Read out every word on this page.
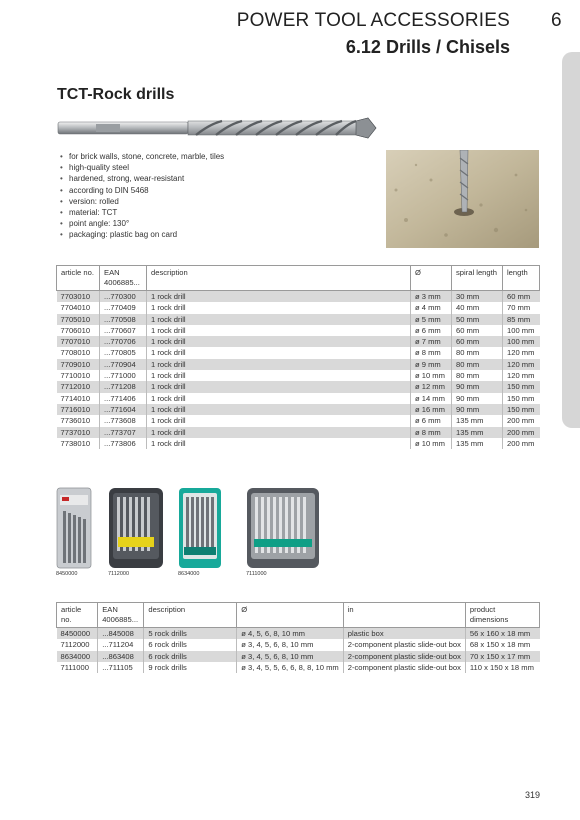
POWER TOOL ACCESSORIES 6
6.12 Drills / Chisels
TCT-Rock drills
• for brick walls, stone, concrete, marble, tiles
• high-quality steel
• hardened, strong, wear-resistant
• according to DIN 5468
• version: rolled
• material: TCT
• point angle: 130°
• packaging: plastic bag on card
article no.	EAN
4006885...	description	Ø	spiral length	length
7703010	...770300	1 rock drill	ø 3 mm	30 mm	60 mm
7704010	...770409	1 rock drill	ø 4 mm	40 mm	70 mm
7705010	...770508	1 rock drill	ø 5 mm	50 mm	85 mm
7706010	...770607	1 rock drill	ø 6 mm	60 mm	100 mm
7707010	...770706	1 rock drill	ø 7 mm	60 mm	100 mm
7708010	...770805	1 rock drill	ø 8 mm	80 mm	120 mm
7709010	...770904	1 rock drill	ø 9 mm	80 mm	120 mm
7710010	...771000	1 rock drill	ø 10 mm	80 mm	120 mm
7712010	...771208	1 rock drill	ø 12 mm	90 mm	150 mm
7714010	...771406	1 rock drill	ø 14 mm	90 mm	150 mm
7716010	...771604	1 rock drill	ø 16 mm	90 mm	150 mm
7736010	...773608	1 rock drill	ø 6 mm	135 mm	200 mm
7737010	...773707	1 rock drill	ø 8 mm	135 mm	200 mm
7738010	...773806	1 rock drill	ø 10 mm	135 mm	200 mm
8450000	7112000	8634000	7111000
article no.	EAN
4006885...	description	Ø	in	product dimensions
8450000	...845008	5 rock drills	ø 4, 5, 6, 8, 10 mm	plastic box	56 x 160 x 18 mm
7112000	...711204	6 rock drills	ø 3, 4, 5, 6, 8, 10 mm	2-component plastic slide-out box	68 x 150 x 18 mm
8634000	...863408	6 rock drills	ø 3, 4, 5, 6, 8, 10 mm	2-component plastic slide-out box	70 x 150 x 17 mm
7111000	...711105	9 rock drills	ø 3, 4, 5, 5, 6, 6, 8, 8, 10 mm	2-component plastic slide-out box	110 x 150 x 18 mm
319
